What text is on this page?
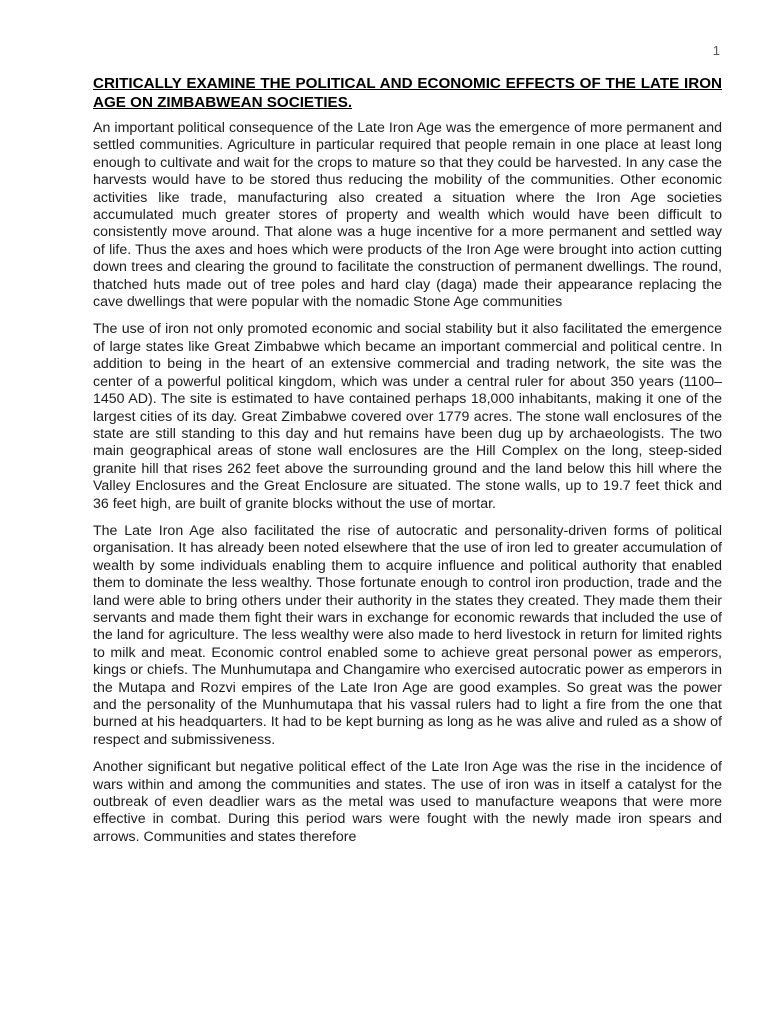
1
CRITICALLY EXAMINE THE POLITICAL AND ECONOMIC EFFECTS OF THE LATE IRON AGE ON ZIMBABWEAN SOCIETIES.

An important political consequence of the Late Iron Age was the emergence of more permanent and settled communities. Agriculture in particular required that people remain in one place at least long enough to cultivate and wait for the crops to mature so that they could be harvested. In any case the harvests would have to be stored thus reducing the mobility of the communities. Other economic activities like trade, manufacturing also created a situation where the Iron Age societies accumulated much greater stores of property and wealth which would have been difficult to consistently move around. That alone was a huge incentive for a more permanent and settled way of life. Thus the axes and hoes which were products of the Iron Age were brought into action cutting down trees and clearing the ground to facilitate the construction of permanent dwellings. The round, thatched huts made out of tree poles and hard clay (daga) made their appearance replacing the cave dwellings that were popular with the nomadic Stone Age communities

The use of iron not only promoted economic and social stability but it also facilitated the emergence of large states like Great Zimbabwe which became an important commercial and political centre. In addition to being in the heart of an extensive commercial and trading network, the site was the center of a powerful political kingdom, which was under a central ruler for about 350 years (1100–1450 AD). The site is estimated to have contained perhaps 18,000 inhabitants, making it one of the largest cities of its day. Great Zimbabwe covered over 1779 acres. The stone wall enclosures of the state are still standing to this day and hut remains have been dug up by archaeologists. The two main geographical areas of stone wall enclosures are the Hill Complex on the long, steep-sided granite hill that rises 262 feet above the surrounding ground and the land below this hill where the Valley Enclosures and the Great Enclosure are situated. The stone walls, up to 19.7 feet thick and 36 feet high, are built of granite blocks without the use of mortar.

The Late Iron Age also facilitated the rise of autocratic and personality-driven forms of political organisation. It has already been noted elsewhere that the use of iron led to greater accumulation of wealth by some individuals enabling them to acquire influence and political authority that enabled them to dominate the less wealthy. Those fortunate enough to control iron production, trade and the land were able to bring others under their authority in the states they created. They made them their servants and made them fight their wars in exchange for economic rewards that included the use of the land for agriculture. The less wealthy were also made to herd livestock in return for limited rights to milk and meat. Economic control enabled some to achieve great personal power as emperors, kings or chiefs. The Munhumutapa and Changamire who exercised autocratic power as emperors in the Mutapa and Rozvi empires of the Late Iron Age are good examples. So great was the power and the personality of the Munhumutapa that his vassal rulers had to light a fire from the one that burned at his headquarters. It had to be kept burning as long as he was alive and ruled as a show of respect and submissiveness.

Another significant but negative political effect of the Late Iron Age was the rise in the incidence of wars within and among the communities and states. The use of iron was in itself a catalyst for the outbreak of even deadlier wars as the metal was used to manufacture weapons that were more effective in combat. During this period wars were fought with the newly made iron spears and arrows. Communities and states therefore
